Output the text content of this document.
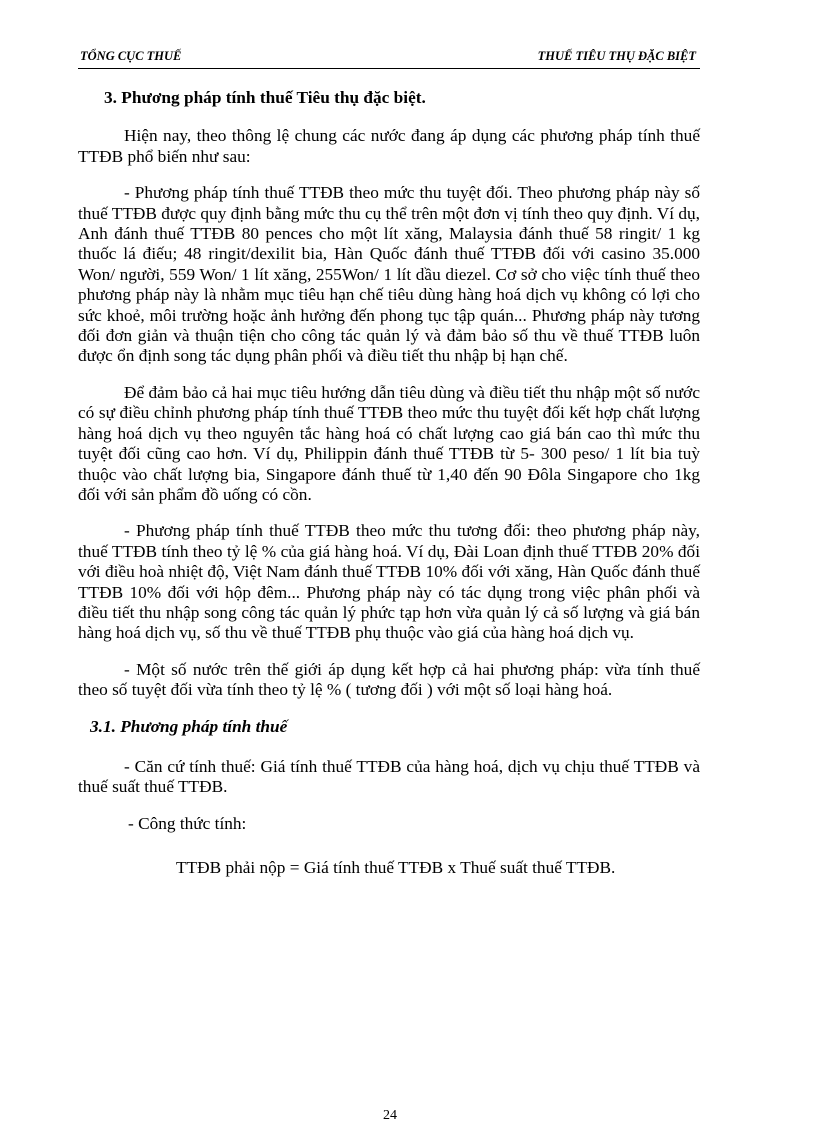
TỔNG CỤC THUẾ	THUẾ TIÊU THỤ ĐẶC BIỆT
3. Phương pháp tính thuế Tiêu thụ đặc biệt.

Hiện nay, theo thông lệ chung các nước đang áp dụng các phương pháp tính thuế TTĐB phổ biến như sau:

- Phương pháp tính thuế TTĐB theo mức thu tuyệt đối. Theo phương pháp này số thuế TTĐB được quy định bằng mức thu cụ thể trên một đơn vị tính theo quy định. Ví dụ, Anh đánh thuế TTĐB 80 pences cho một lít xăng, Malaysia đánh thuế 58 ringit/ 1 kg thuốc lá điếu; 48 ringit/dexilit bia, Hàn Quốc đánh thuế TTĐB đối với casino 35.000 Won/ người, 559 Won/ 1 lít xăng, 255Won/ 1 lít dầu diezel. Cơ sở cho việc tính thuế theo phương pháp này là nhằm mục tiêu hạn chế tiêu dùng hàng hoá dịch vụ không có lợi cho sức khoẻ, môi trường hoặc ảnh hưởng đến phong tục tập quán... Phương pháp này tương đối đơn giản và thuận tiện cho công tác quản lý và đảm bảo số thu về thuế TTĐB luôn được ổn định song tác dụng phân phối và điều tiết thu nhập bị hạn chế.

Để đảm bảo cả hai mục tiêu hướng dẫn tiêu dùng và điều tiết thu nhập một số nước có sự điều chỉnh phương pháp tính thuế TTĐB theo mức thu tuyệt đối kết hợp chất lượng hàng hoá dịch vụ theo nguyên tắc hàng hoá có chất lượng cao giá bán cao thì mức thu tuyệt đối cũng cao hơn. Ví dụ, Philippin đánh thuế TTĐB từ 5- 300 peso/ 1 lít bia tuỳ thuộc vào chất lượng bia, Singapore đánh thuế từ 1,40 đến 90 Đôla Singapore cho 1kg đối với sản phẩm đồ uống có cồn.

- Phương pháp tính thuế TTĐB theo mức thu tương đối: theo phương pháp này, thuế TTĐB tính theo tỷ lệ % của giá hàng hoá. Ví dụ, Đài Loan định thuế TTĐB 20% đối với điều hoà nhiệt độ, Việt Nam đánh thuế TTĐB 10% đối với xăng, Hàn Quốc đánh thuế TTĐB 10% đối với hộp đêm... Phương pháp này có tác dụng trong việc phân phối và điều tiết thu nhập song công tác quản lý phức tạp hơn vừa quản lý cả số lượng và giá bán hàng hoá dịch vụ, số thu về thuế TTĐB phụ thuộc vào giá của hàng hoá dịch vụ.

- Một số nước trên thế giới áp dụng kết hợp cả hai phương pháp: vừa tính thuế theo số tuyệt đối vừa tính theo tỷ lệ % ( tương đối ) với một số loại hàng hoá.

3.1. Phương pháp tính thuế

- Căn cứ tính thuế: Giá tính thuế TTĐB của hàng hoá, dịch vụ chịu thuế TTĐB và thuế suất thuế TTĐB.

- Công thức tính:
TTĐB phải nộp = Giá tính thuế TTĐB x Thuế suất thuế TTĐB.
24
